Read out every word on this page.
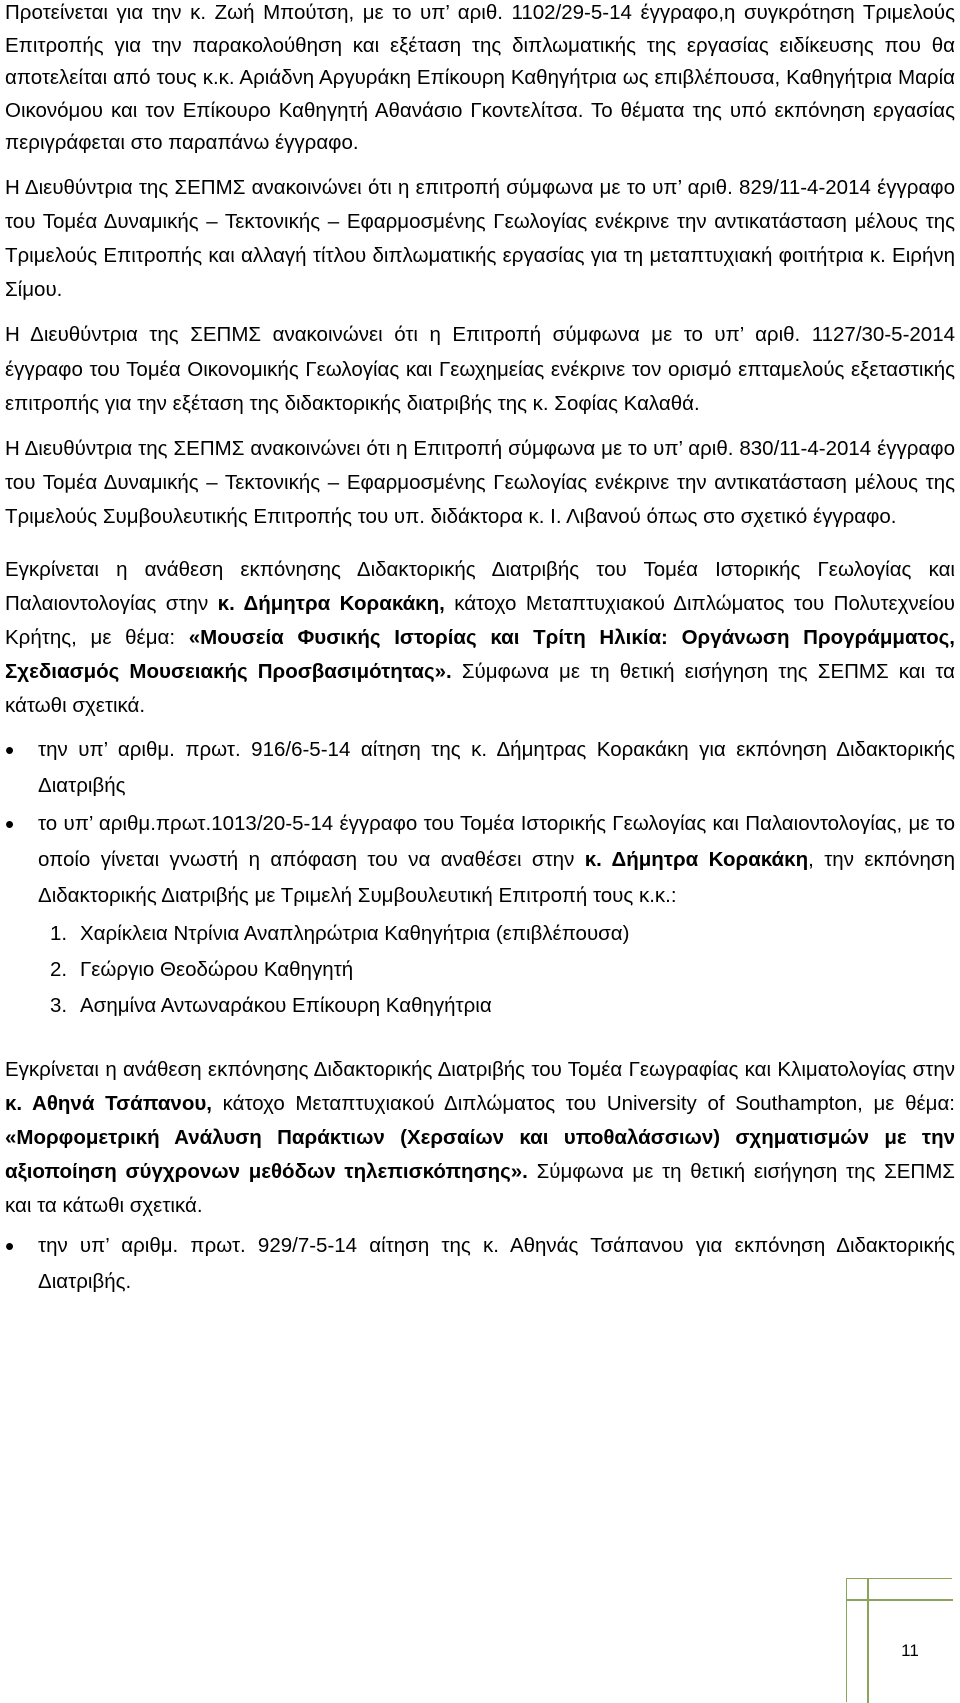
Προτείνεται για την κ. Ζωή Μπούτση, με το υπ’ αριθ. 1102/29-5-14 έγγραφο,η συγκρότηση Τριμελούς Επιτροπής για την παρακολούθηση και εξέταση της διπλωματικής της εργασίας ειδίκευσης που θα αποτελείται από τους κ.κ. Αριάδνη Αργυράκη Επίκουρη Καθηγήτρια ως επιβλέπουσα, Καθηγήτρια Μαρία Οικονόμου και τον Επίκουρο Καθηγητή Αθανάσιο Γκοντελίτσα. Το θέματα της υπό εκπόνηση εργασίας περιγράφεται στο παραπάνω έγγραφο.

Η Διευθύντρια της ΣΕΠΜΣ ανακοινώνει ότι η επιτροπή σύμφωνα με το υπ’ αριθ. 829/11-4-2014 έγγραφο του Τομέα Δυναμικής – Τεκτονικής – Εφαρμοσμένης Γεωλογίας ενέκρινε την αντικατάσταση μέλους της Τριμελούς Επιτροπής και αλλαγή τίτλου διπλωματικής εργασίας για τη μεταπτυχιακή φοιτήτρια κ. Ειρήνη Σίμου.

Η Διευθύντρια της ΣΕΠΜΣ ανακοινώνει ότι η Επιτροπή σύμφωνα με το υπ’ αριθ. 1127/30-5-2014 έγγραφο του Τομέα Οικονομικής Γεωλογίας και Γεωχημείας ενέκρινε τον ορισμό επταμελούς εξεταστικής επιτροπής για την εξέταση της διδακτορικής διατριβής της κ. Σοφίας Καλαθά.

Η Διευθύντρια της ΣΕΠΜΣ ανακοινώνει ότι η Επιτροπή σύμφωνα με το υπ’ αριθ. 830/11-4-2014 έγγραφο του Τομέα Δυναμικής – Τεκτονικής – Εφαρμοσμένης Γεωλογίας ενέκρινε την αντικατάσταση μέλους της Τριμελούς Συμβουλευτικής Επιτροπής του υπ. διδάκτορα κ. Ι. Λιβανού όπως στο σχετικό έγγραφο.

Εγκρίνεται η ανάθεση εκπόνησης Διδακτορικής Διατριβής του Τομέα Ιστορικής Γεωλογίας και Παλαιοντολογίας στην κ. Δήμητρα Κορακάκη, κάτοχο Μεταπτυχιακού Διπλώματος του Πολυτεχνείου Κρήτης, με θέμα: «Μουσεία Φυσικής Ιστορίας και Τρίτη Ηλικία: Οργάνωση Προγράμματος, Σχεδιασμός Μουσειακής Προσβασιμότητας». Σύμφωνα με τη θετική εισήγηση της ΣΕΠΜΣ και τα κάτωθι σχετικά.

• την υπ’ αριθμ. πρωτ. 916/6-5-14 αίτηση της κ. Δήμητρας Κορακάκη για εκπόνηση Διδακτορικής Διατριβής
• το υπ’ αριθμ.πρωτ.1013/20-5-14 έγγραφο του Τομέα Ιστορικής Γεωλογίας και Παλαιοντολογίας, με το οποίο γίνεται γνωστή η απόφαση του να αναθέσει στην κ. Δήμητρα Κορακάκη, την εκπόνηση Διδακτορικής Διατριβής με Τριμελή Συμβουλευτική Επιτροπή τους κ.κ.:
1. Χαρίκλεια Ντρίνια Αναπληρώτρια Καθηγήτρια (επιβλέπουσα)
2. Γεώργιο Θεοδώρου Καθηγητή
3. Ασημίνα Αντωναράκου Επίκουρη Καθηγήτρια

Εγκρίνεται η ανάθεση εκπόνησης Διδακτορικής Διατριβής του Τομέα Γεωγραφίας και Κλιματολογίας στην κ. Αθηνά Τσάπανου, κάτοχο Μεταπτυχιακού Διπλώματος του University of Southampton, με θέμα: «Μορφομετρική Ανάλυση Παράκτιων (Χερσαίων και υποθαλάσσιων) σχηματισμών με την αξιοποίηση σύγχρονων μεθόδων τηλεπισκόπησης». Σύμφωνα με τη θετική εισήγηση της ΣΕΠΜΣ και τα κάτωθι σχετικά.

• την υπ’ αριθμ. πρωτ. 929/7-5-14 αίτηση της κ. Αθηνάς Τσάπανου για εκπόνηση Διδακτορικής Διατριβής.
11
